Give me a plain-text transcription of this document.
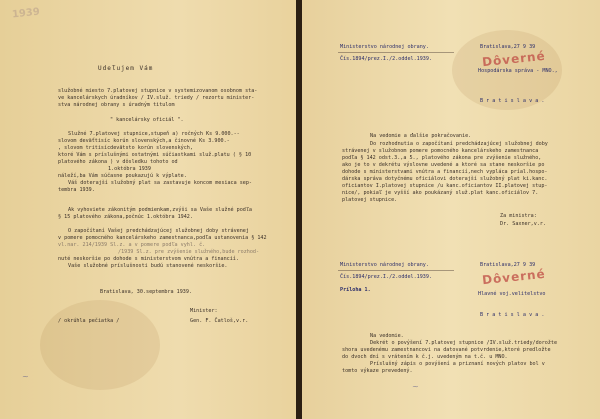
1939
Udeľujem Vám
služobné miesto 7.platovej stupnice v systemizovanom osobnom sta-
ve kancelárskych úradníkov / IV.služ. triedy / rezortu minister-
stva národnej obrany s úradným titulom
" kancelársky oficiál ".
Služné 7.platovej stupnice,stupeň a) ročných Ks 9.000.--
slovom deväťtisíc korún slovenských,a činovné Ks 3.900.-
, slovom tritisícdevätsto korún slovenských,
ktoré Vám s príslušnými ostatnými súčiastkami služ.platu ( § 10
platového zákona ) v dôsledku tohoto od
1.októbra 1939
náleží,ba Vám súčasne poukazujú k výplate.
Váš doterajší služobný plat sa zastavuje koncom mesiaca sep-
tembra 1939.
Ak vyhoviete zákonitým podmienkam,zvýši sa Vaše služné podľa
§ 15 platového zákona,počnúc 1.októbra 1942.
O započítaní Vašej predchádzajúcej služobnej doby strávenej
v pomere pomocného kancelárskeho zamestnanca,podľa ustanovenia § 142
vl.nar. 214/1939 Sl.z. a v pomere podľa vyhl. č.
/1939 Sl.z. pre zvýšenie služného,bude rozhod-
nuté neskoršie po dohode s ministerstvom vnútra a financií.
Vaše služobné príslušnosti budú stanovené neskoršie.
Bratislava, 30.septembra 1939.
Minister:
/ okrúhla pečiatka /	Gen. F. Čatloš,v.r.
~
Ministerstvo národnej obrany.	Bratislava,27 9 39
Čís.1894/prez.I./2.oddel.1939.	Dôverné
Hospodárska správa - MNO.,
B r a t i s l a v a .
Na vedomie a ďalšie pokračovanie.
Do rozhodnutia o započítaní predchádzajúcej služobnej doby
strávenej v služobnom pomere pomocného kancelárskeho zamestnanca
podľa § 142 odst.3.,a 5., platového zákona pre zvýšenie služného,
ako je to v dekrétu výslovne uvedené a ktoré sa stane neskoršie po
dohode s ministerstvami vnútra a financií,nech vypláca príal.hospo-
dárska správa dotyčnému oficiálovi doterajší služobný plat ki.kanc.
oficiantov I.platovej stupnice /u kanc.oficiantov II.platovej stup-
nice/, pokiaľ je vyšší ako poukázaný služ.plat kanc.oficiálov 7.
platovej stupnice.
Za ministra:
Dr. Saxner,v.r.
Ministerstvo národnej obrany.	Bratislava,27 9 39
Čís.1894/prez.I./2.oddel.1939.	Dôverné
Príloha 1.
Hlavné voj.velitelstvo
B r a t i s l a v a .
Na vedomie.
Dekrét o povýšení 7.platovej stupnice /IV.služ.triedy/dorožte
shora uvedenému zamestnancovi na datované potvrdenie,ktoré predložte
do dvoch dní s vrátením k č.j. uvedeným na t.č. u MNO.
Príslušný zápis o povýšení a priznaní nových platov bol v
tomto výkaze prevedený.
~
